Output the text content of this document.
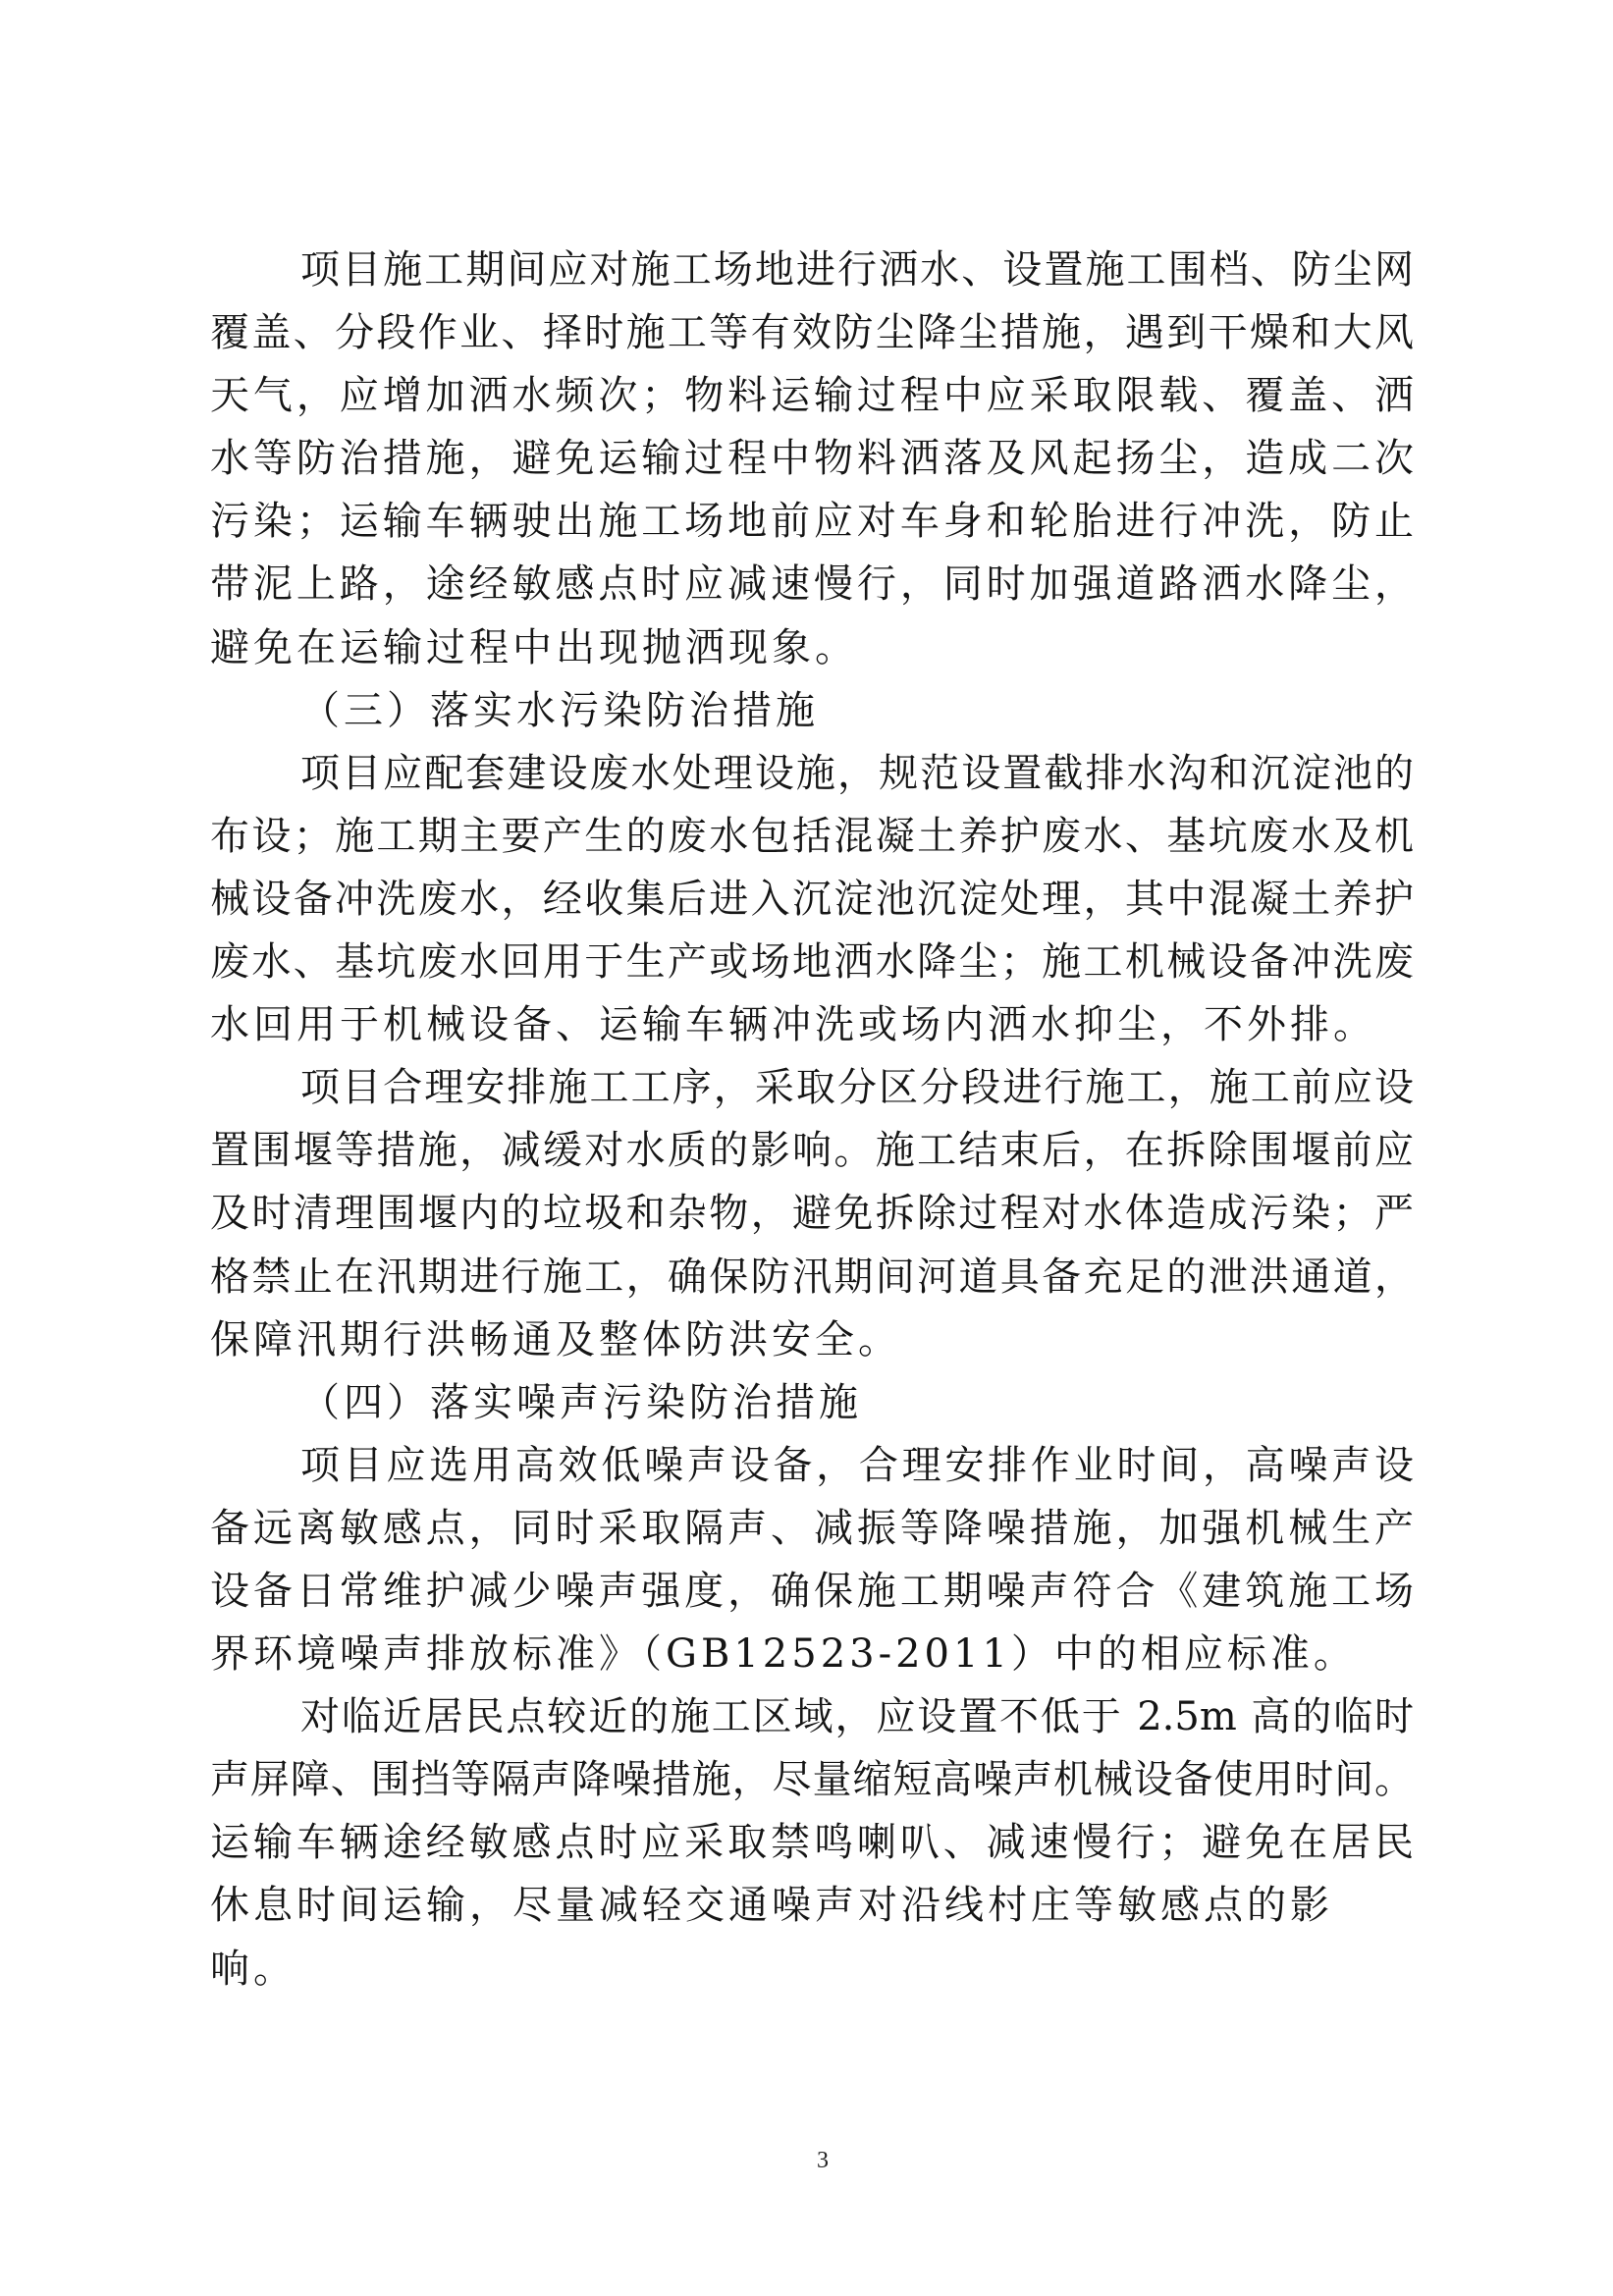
项目施工期间应对施工场地进行洒水、设置施工围档、防尘网
覆盖、分段作业、择时施工等有效防尘降尘措施，遇到干燥和大风
天气，应增加洒水频次；物料运输过程中应采取限载、覆盖、洒
水等防治措施，避免运输过程中物料洒落及风起扬尘，造成二次
污染；运输车辆驶出施工场地前应对车身和轮胎进行冲洗，防止
带泥上路，途经敏感点时应减速慢行，同时加强道路洒水降尘，
避免在运输过程中出现抛洒现象。
（三）落实水污染防治措施
项目应配套建设废水处理设施，规范设置截排水沟和沉淀池的
布设；施工期主要产生的废水包括混凝土养护废水、基坑废水及机
械设备冲洗废水，经收集后进入沉淀池沉淀处理，其中混凝土养护
废水、基坑废水回用于生产或场地洒水降尘；施工机械设备冲洗废
水回用于机械设备、运输车辆冲洗或场内洒水抑尘，不外排。
项目合理安排施工工序，采取分区分段进行施工，施工前应设
置围堰等措施，减缓对水质的影响。施工结束后，在拆除围堰前应
及时清理围堰内的垃圾和杂物，避免拆除过程对水体造成污染；严
格禁止在汛期进行施工，确保防汛期间河道具备充足的泄洪通道，
保障汛期行洪畅通及整体防洪安全。
（四）落实噪声污染防治措施
项目应选用高效低噪声设备，合理安排作业时间，高噪声设
备远离敏感点，同时采取隔声、减振等降噪措施，加强机械生产
设备日常维护减少噪声强度，确保施工期噪声符合《建筑施工场
界环境噪声排放标准》（GB12523-2011）中的相应标准。
对临近居民点较近的施工区域，应设置不低于 2.5m 高的临时
声屏障、围挡等隔声降噪措施，尽量缩短高噪声机械设备使用时间。
运输车辆途经敏感点时应采取禁鸣喇叭、减速慢行；避免在居民
休息时间运输，尽量减轻交通噪声对沿线村庄等敏感点的影响。
3
